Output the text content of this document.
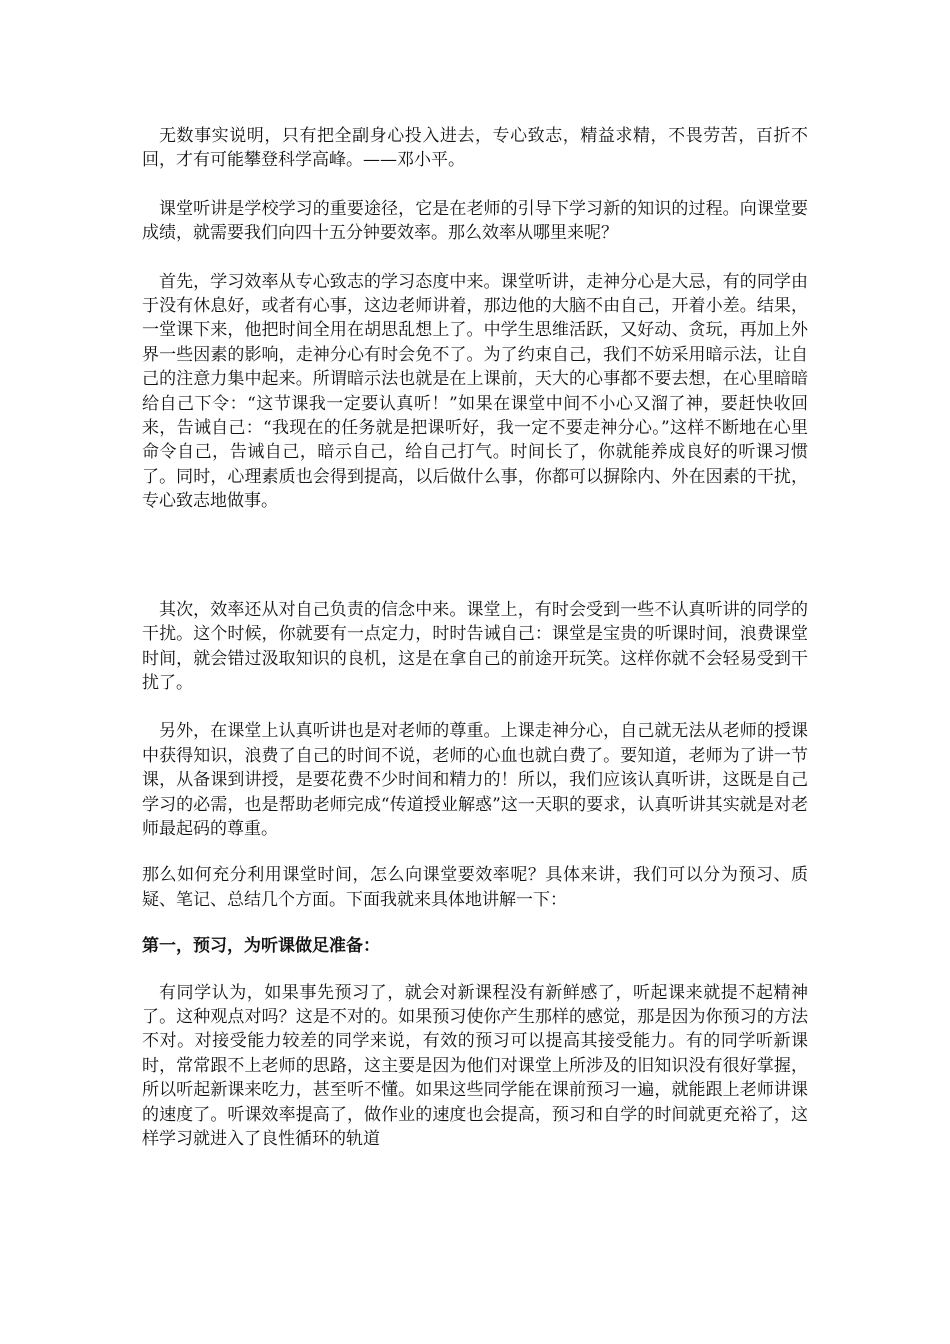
无数事实说明，只有把全副身心投入进去，专心致志，精益求精，不畏劳苦，百折不回，才有可能攀登科学高峰。——邓小平。

课堂听讲是学校学习的重要途径，它是在老师的引导下学习新的知识的过程。向课堂要成绩，就需要我们向四十五分钟要效率。那么效率从哪里来呢？

首先，学习效率从专心致志的学习态度中来。课堂听讲，走神分心是大忌，有的同学由于没有休息好，或者有心事，这边老师讲着，那边他的大脑不由自己，开着小差。结果，一堂课下来，他把时间全用在胡思乱想上了。中学生思维活跃，又好动、贪玩，再加上外界一些因素的影响，走神分心有时会免不了。为了约束自己，我们不妨采用暗示法，让自己的注意力集中起来。所谓暗示法也就是在上课前，天大的心事都不要去想，在心里暗暗给自己下令：“这节课我一定要认真听！”如果在课堂中间不小心又溜了神，要赶快收回来，告诫自己：“我现在的任务就是把课听好，我一定不要走神分心。”这样不断地在心里命令自己，告诫自己，暗示自己，给自己打气。时间长了，你就能养成良好的听课习惯了。同时，心理素质也会得到提高，以后做什么事，你都可以摒除内、外在因素的干扰，专心致志地做事。

其次，效率还从对自己负责的信念中来。课堂上，有时会受到一些不认真听讲的同学的干扰。这个时候，你就要有一点定力，时时告诫自己：课堂是宝贵的听课时间，浪费课堂时间，就会错过汲取知识的良机，这是在拿自己的前途开玩笑。这样你就不会轻易受到干扰了。

另外，在课堂上认真听讲也是对老师的尊重。上课走神分心，自己就无法从老师的授课中获得知识，浪费了自己的时间不说，老师的心血也就白费了。要知道，老师为了讲一节课，从备课到讲授，是要花费不少时间和精力的！所以，我们应该认真听讲，这既是自己学习的必需，也是帮助老师完成“传道授业解惑”这一天职的要求，认真听讲其实就是对老师最起码的尊重。

那么如何充分利用课堂时间，怎么向课堂要效率呢？具体来讲，我们可以分为预习、质疑、笔记、总结几个方面。下面我就来具体地讲解一下：

第一，预习，为听课做足准备：

有同学认为，如果事先预习了，就会对新课程没有新鲜感了，听起课来就提不起精神了。这种观点对吗？这是不对的。如果预习使你产生那样的感觉，那是因为你预习的方法不对。对接受能力较差的同学来说，有效的预习可以提高其接受能力。有的同学听新课时，常常跟不上老师的思路，这主要是因为他们对课堂上所涉及的旧知识没有很好掌握，所以听起新课来吃力，甚至听不懂。如果这些同学能在课前预习一遍，就能跟上老师讲课的速度了。听课效率提高了，做作业的速度也会提高，预习和自学的时间就更充裕了，这样学习就进入了良性循环的轨道
